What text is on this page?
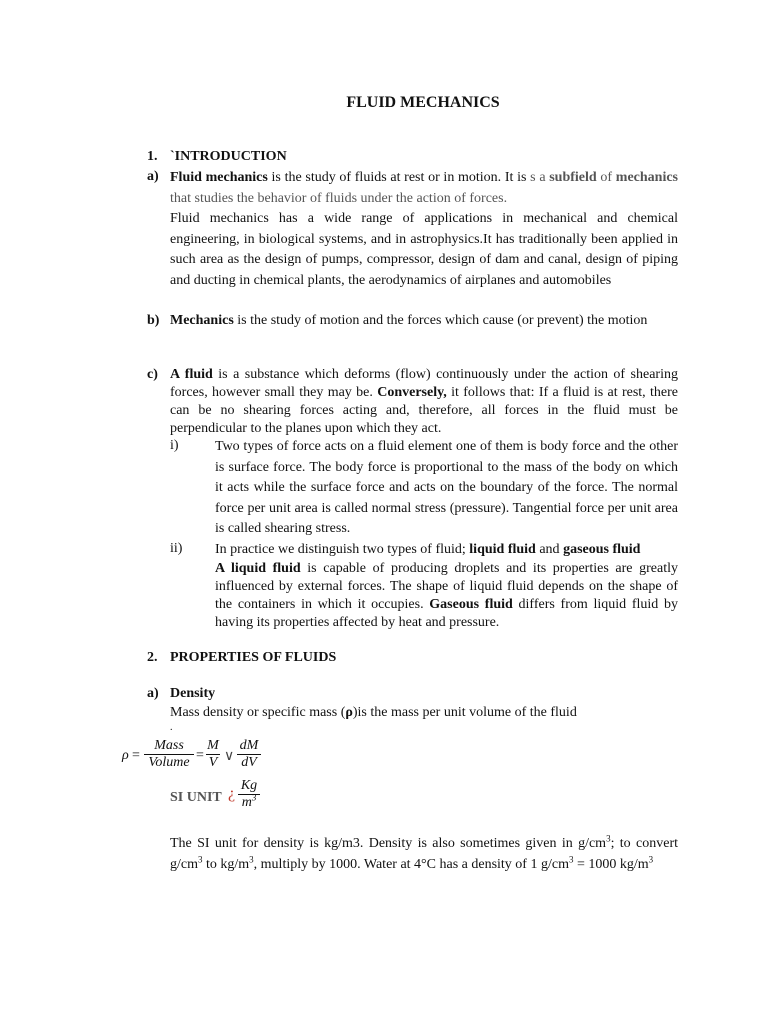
FLUID MECHANICS
1. `INTRODUCTION
a) Fluid mechanics is the study of fluids at rest or in motion. It is s a subfield of mechanics that studies the behavior of fluids under the action of forces.
Fluid mechanics has a wide range of applications in mechanical and chemical engineering, in biological systems, and in astrophysics.It has traditionally been applied in such area as the design of pumps, compressor, design of dam and canal, design of piping and ducting in chemical plants, the aerodynamics of airplanes and automobiles
b) Mechanics is the study of motion and the forces which cause (or prevent) the motion
c) A fluid is a substance which deforms (flow) continuously under the action of shearing forces, however small they may be. Conversely, it follows that: If a fluid is at rest, there can be no shearing forces acting and, therefore, all forces in the fluid must be perpendicular to the planes upon which they act.
i)	Two types of force acts on a fluid element one of them is body force and the other is surface force. The body force is proportional to the mass of the body on which it acts while the surface force and acts on the boundary of the force. The normal force per unit area is called normal stress (pressure). Tangential force per unit area is called shearing stress.
ii) In practice we distinguish two types of fluid; liquid fluid and gaseous fluid
A liquid fluid is capable of producing droplets and its properties are greatly influenced by external forces. The shape of liquid fluid depends on the shape of the containers in which it occupies. Gaseous fluid differs from liquid fluid by having its properties affected by heat and pressure.
2. PROPERTIES OF FLUIDS
a) Density
Mass density or specific mass (ρ)is the mass per unit volume of the fluid
.
ρ =
Mass
Volume =
M
V ∨
dM
dV
SI UNIT ¿ Kg
$m^3$
The SI unit for density is kg/m3. Density is also sometimes given in $g/cm^3$; to convert $g/cm^3$ to $kg/m^3$, multiply by 1000. Water at 4°C has a density of 1 $g/cm^3 = 1000$ $kg/m^3$
